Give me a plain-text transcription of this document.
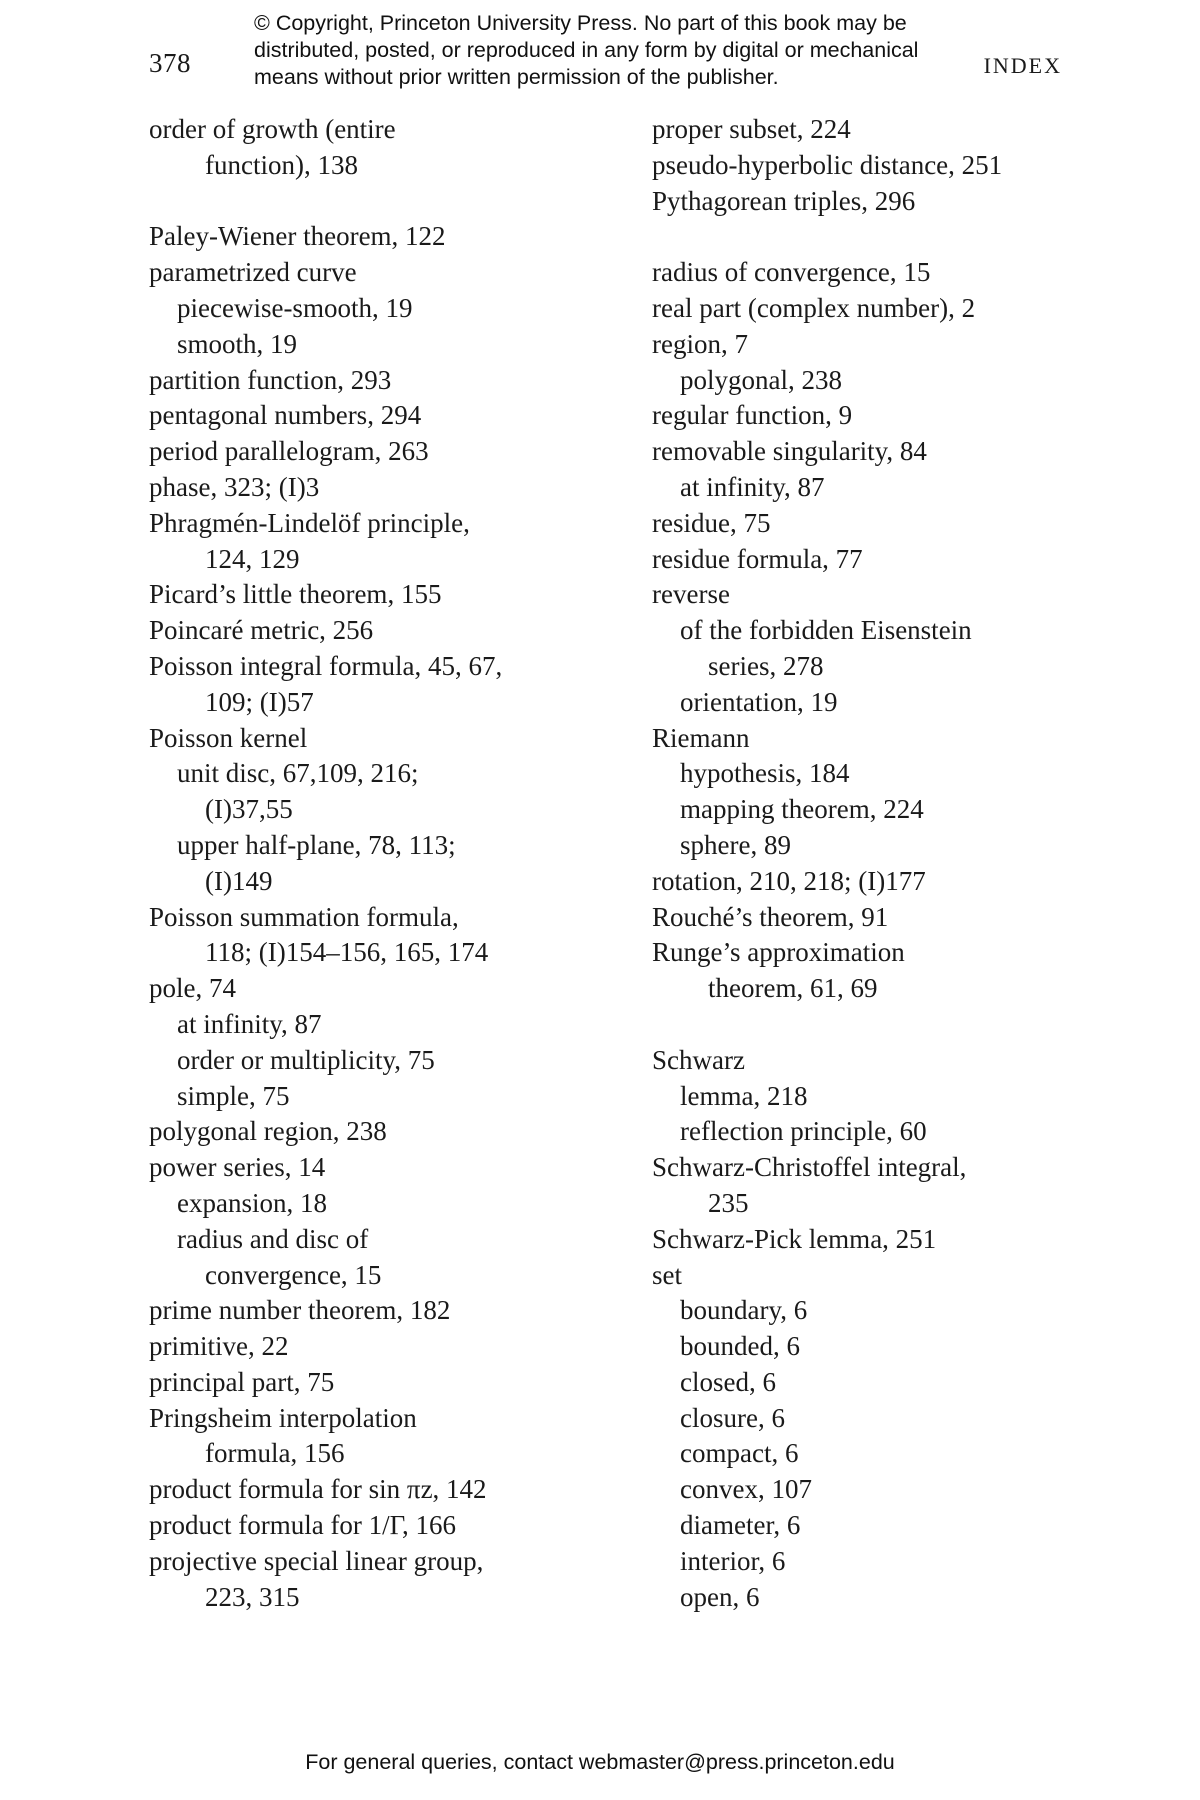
378
© Copyright, Princeton University Press. No part of this book may be
distributed, posted, or reproduced in any form by digital or mechanical
means without prior written permission of the publisher.	INDEX
order of growth (entire
function), 138

Paley-Wiener theorem, 122
parametrized curve
piecewise-smooth, 19
smooth, 19
partition function, 293
pentagonal numbers, 294
period parallelogram, 263
phase, 323; (I)3
Phragmén-Lindelöf principle,
124, 129
Picard’s little theorem, 155
Poincaré metric, 256
Poisson integral formula, 45, 67,
109; (I)57
Poisson kernel
unit disc, 67,109, 216;
(I)37,55
upper half-plane, 78, 113;
(I)149
Poisson summation formula,
118; (I)154–156, 165, 174
pole, 74
at infinity, 87
order or multiplicity, 75
simple, 75
polygonal region, 238
power series, 14
expansion, 18
radius and disc of
convergence, 15
prime number theorem, 182
primitive, 22
principal part, 75
Pringsheim interpolation
formula, 156
product formula for sin πz, 142
product formula for 1/Γ, 166
projective special linear group,
223, 315
proper subset, 224
pseudo-hyperbolic distance, 251
Pythagorean triples, 296

radius of convergence, 15
real part (complex number), 2
region, 7
polygonal, 238
regular function, 9
removable singularity, 84
at infinity, 87
residue, 75
residue formula, 77
reverse
of the forbidden Eisenstein
series, 278
orientation, 19
Riemann
hypothesis, 184
mapping theorem, 224
sphere, 89
rotation, 210, 218; (I)177
Rouché’s theorem, 91
Runge’s approximation
theorem, 61, 69

Schwarz
lemma, 218
reflection principle, 60
Schwarz-Christoffel integral,
235
Schwarz-Pick lemma, 251
set
boundary, 6
bounded, 6
closed, 6
closure, 6
compact, 6
convex, 107
diameter, 6
interior, 6
open, 6
For general queries, contact webmaster@press.princeton.edu
